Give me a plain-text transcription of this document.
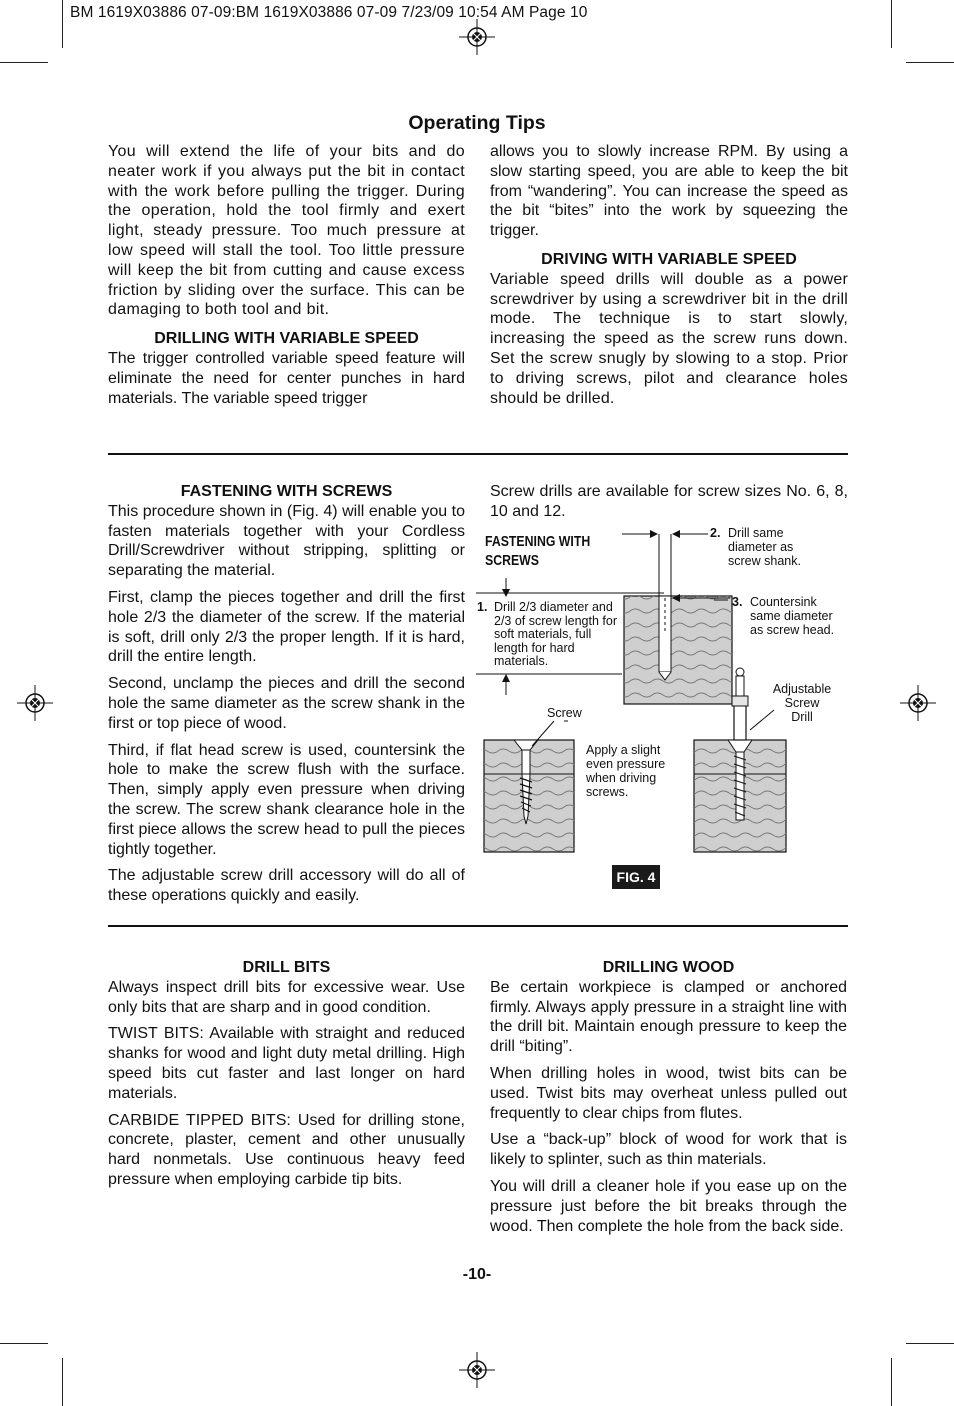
BM 1619X03886 07-09:BM 1619X03886 07-09 7/23/09 10:54 AM Page 10
Operating Tips

You will extend the life of your bits and do neater work if you always put the bit in contact with the work before pulling the trigger. During the operation, hold the tool firmly and exert light, steady pressure. Too much pressure at low speed will stall the tool. Too little pressure will keep the bit from cutting and cause excess friction by sliding over the surface. This can be damaging to both tool and bit.

DRILLING WITH VARIABLE SPEED

The trigger controlled variable speed feature will eliminate the need for center punches in hard materials. The variable speed trigger

allows you to slowly increase RPM. By using a slow starting speed, you are able to keep the bit from “wandering”. You can increase the speed as the bit “bites” into the work by squeezing the trigger.

DRIVING WITH VARIABLE SPEED

Variable speed drills will double as a power screwdriver by using a screwdriver bit in the drill mode. The technique is to start slowly, increasing the speed as the screw runs down. Set the screw snugly by slowing to a stop. Prior to driving screws, pilot and clearance holes should be drilled.

FASTENING WITH SCREWS

This procedure shown in (Fig. 4) will enable you to fasten materials together with your Cordless Drill/Screwdriver without stripping, splitting or separating the material.

First, clamp the pieces together and drill the first hole 2/3 the diameter of the screw. If the material is soft, drill only 2/3 the proper length. If it is hard, drill the entire length.

Second, unclamp the pieces and drill the second hole the same diameter as the screw shank in the first or top piece of wood.

Third, if flat head screw is used, countersink the hole to make the screw flush with the surface. Then, simply apply even pressure when driving the screw. The screw shank clearance hole in the first piece allows the screw head to pull the pieces tightly together.

The adjustable screw drill accessory will do all of these operations quickly and easily.

Screw drills are available for screw sizes No. 6, 8, 10 and 12.

FASTENING WITH
SCREWS
1. Drill 2/3 diameter and
2/3 of screw length for
soft materials, full
length for hard
materials.
2. Drill same
diameter as
screw shank.
3. Countersink
same diameter
as screw head.
Screw
Apply a slight
even pressure
when driving
screws.
Adjustable
Screw
Drill
FIG. 4
DRILL BITS

Always inspect drill bits for excessive wear. Use only bits that are sharp and in good condition.

TWIST BITS: Available with straight and reduced shanks for wood and light duty metal drilling. High speed bits cut faster and last longer on hard materials.

CARBIDE TIPPED BITS: Used for drilling stone, concrete, plaster, cement and other unusually hard nonmetals. Use continuous heavy feed pressure when employing carbide tip bits.

DRILLING WOOD

Be certain workpiece is clamped or anchored firmly. Always apply pressure in a straight line with the drill bit. Maintain enough pressure to keep the drill “biting”.

When drilling holes in wood, twist bits can be used. Twist bits may overheat unless pulled out frequently to clear chips from flutes.

Use a “back-up” block of wood for work that is likely to splinter, such as thin materials.

You will drill a cleaner hole if you ease up on the pressure just before the bit breaks through the wood. Then complete the hole from the back side.

-10-
